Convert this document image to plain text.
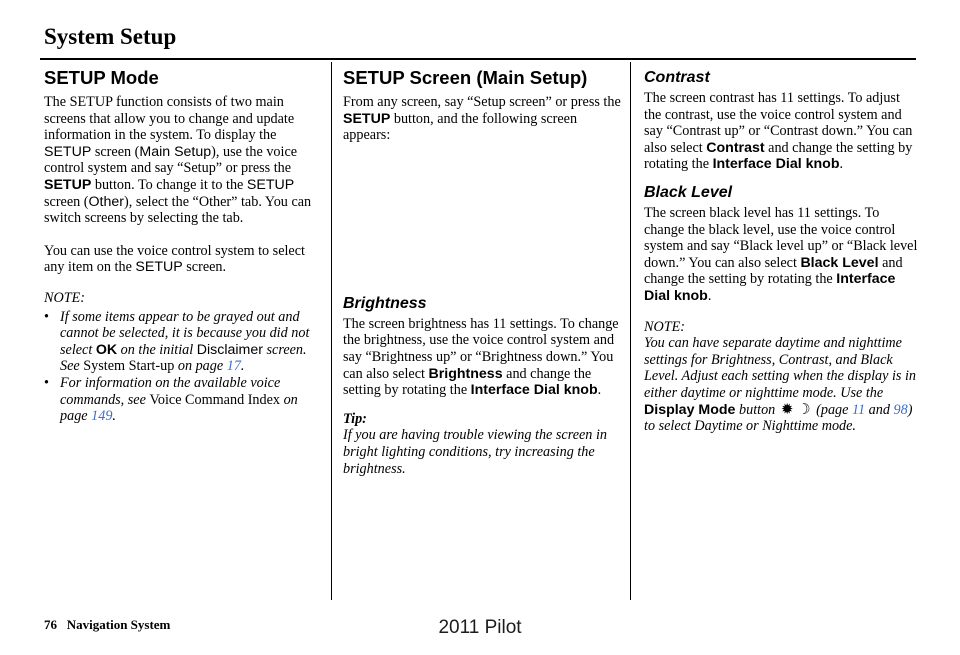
System Setup
SETUP Mode

The SETUP function consists of two main screens that allow you to change and update information in the system. To display the SETUP screen (Main Setup), use the voice control system and say “Setup” or press the SETUP button. To change it to the SETUP screen (Other), select the “Other” tab. You can switch screens by selecting the tab.

You can use the voice control system to select any item on the SETUP screen.

NOTE:

• If some items appear to be grayed out and cannot be selected, it is because you did not select OK on the initial Disclaimer screen. See System Start-up on page 17.
• For information on the available voice commands, see Voice Command Index on page 149.
SETUP Screen (Main Setup)

From any screen, say “Setup screen” or press the SETUP button, and the following screen appears:

Brightness

The screen brightness has 11 settings. To change the brightness, use the voice control system and say “Brightness up” or “Brightness down.” You can also select Brightness and change the setting by rotating the Interface Dial knob.

Tip:

If you are having trouble viewing the screen in bright lighting conditions, try increasing the brightness.

Contrast

The screen contrast has 11 settings. To adjust the contrast, use the voice control system and say “Contrast up” or “Contrast down.” You can also select Contrast and change the setting by rotating the Interface Dial knob.

Black Level

The screen black level has 11 settings. To change the black level, use the voice control system and say “Black level up” or “Black level down.” You can also select Black Level and change the setting by rotating the Interface Dial knob.

NOTE:

You can have separate daytime and nighttime settings for Brightness, Contrast, and Black Level. Adjust each setting when the display is in either daytime or nighttime mode. Use the Display Mode button ✹ ☽ (page 11 and 98) to select Daytime or Nighttime mode.

76 Navigation System	2011 Pilot
